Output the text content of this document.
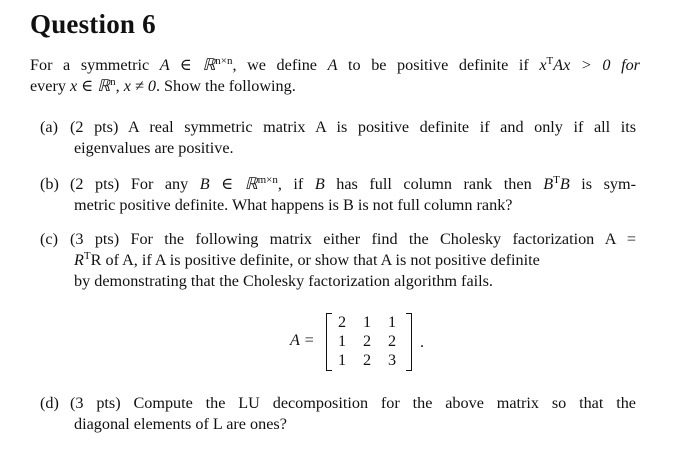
Question 6
For a symmetric A ∈ ℝ$^{n\times n}$, we define A to be positive definite if $x^TAx > 0$ for
every x ∈ ℝ$^n$, x ≠ 0. Show the following.
(a) (2 pts) A real symmetric matrix A is positive definite if and only if all its
eigenvalues are positive.
(b) (2 pts) For any B ∈ ℝ$^{m\times n}$, if B has full column rank then $B^TB$ is sym-
metric positive definite. What happens is B is not full column rank?
(c) (3 pts) For the following matrix either find the Cholesky factorization A =
$R^TR$ of A, if A is positive definite, or show that A is not positive definite
by demonstrating that the Cholesky factorization algorithm fails.
A =
2	1	1
1	2	2
1	2	3
.
(d) (3 pts) Compute the LU decomposition for the above matrix so that the
diagonal elements of L are ones?
